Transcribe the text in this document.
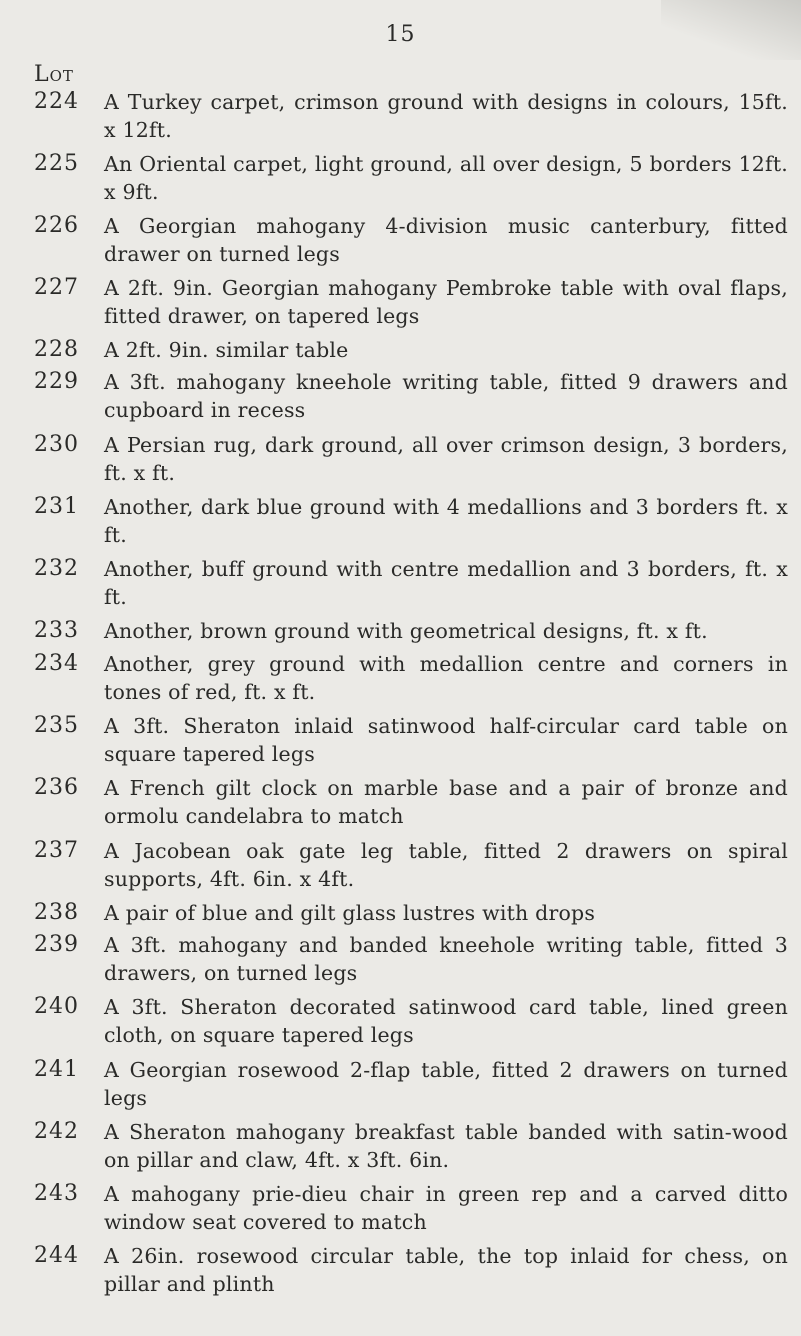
15
Lot
224 A Turkey carpet, crimson ground with designs in colours, 15ft. x 12ft.
225 An Oriental carpet, light ground, all over design, 5 borders 12ft. x 9ft.
226 A Georgian mahogany 4-division music canterbury, fitted drawer on turned legs
227 A 2ft. 9in. Georgian mahogany Pembroke table with oval flaps, fitted drawer, on tapered legs
228 A 2ft. 9in. similar table
229 A 3ft. mahogany kneehole writing table, fitted 9 drawers and cupboard in recess
230 A Persian rug, dark ground, all over crimson design, 3 borders, ft. x ft.
231 Another, dark blue ground with 4 medallions and 3 borders ft. x ft.
232 Another, buff ground with centre medallion and 3 borders, ft. x ft.
233 Another, brown ground with geometrical designs, ft. x ft.
234 Another, grey ground with medallion centre and corners in tones of red, ft. x ft.
235 A 3ft. Sheraton inlaid satinwood half-circular card table on square tapered legs
236 A French gilt clock on marble base and a pair of bronze and ormolu candelabra to match
237 A Jacobean oak gate leg table, fitted 2 drawers on spiral supports, 4ft. 6in. x 4ft.
238 A pair of blue and gilt glass lustres with drops
239 A 3ft. mahogany and banded kneehole writing table, fitted 3 drawers, on turned legs
240 A 3ft. Sheraton decorated satinwood card table, lined green cloth, on square tapered legs
241 A Georgian rosewood 2-flap table, fitted 2 drawers on turned legs
242 A Sheraton mahogany breakfast table banded with satin-wood on pillar and claw, 4ft. x 3ft. 6in.
243 A mahogany prie-dieu chair in green rep and a carved ditto window seat covered to match
244 A 26in. rosewood circular table, the top inlaid for chess, on pillar and plinth
